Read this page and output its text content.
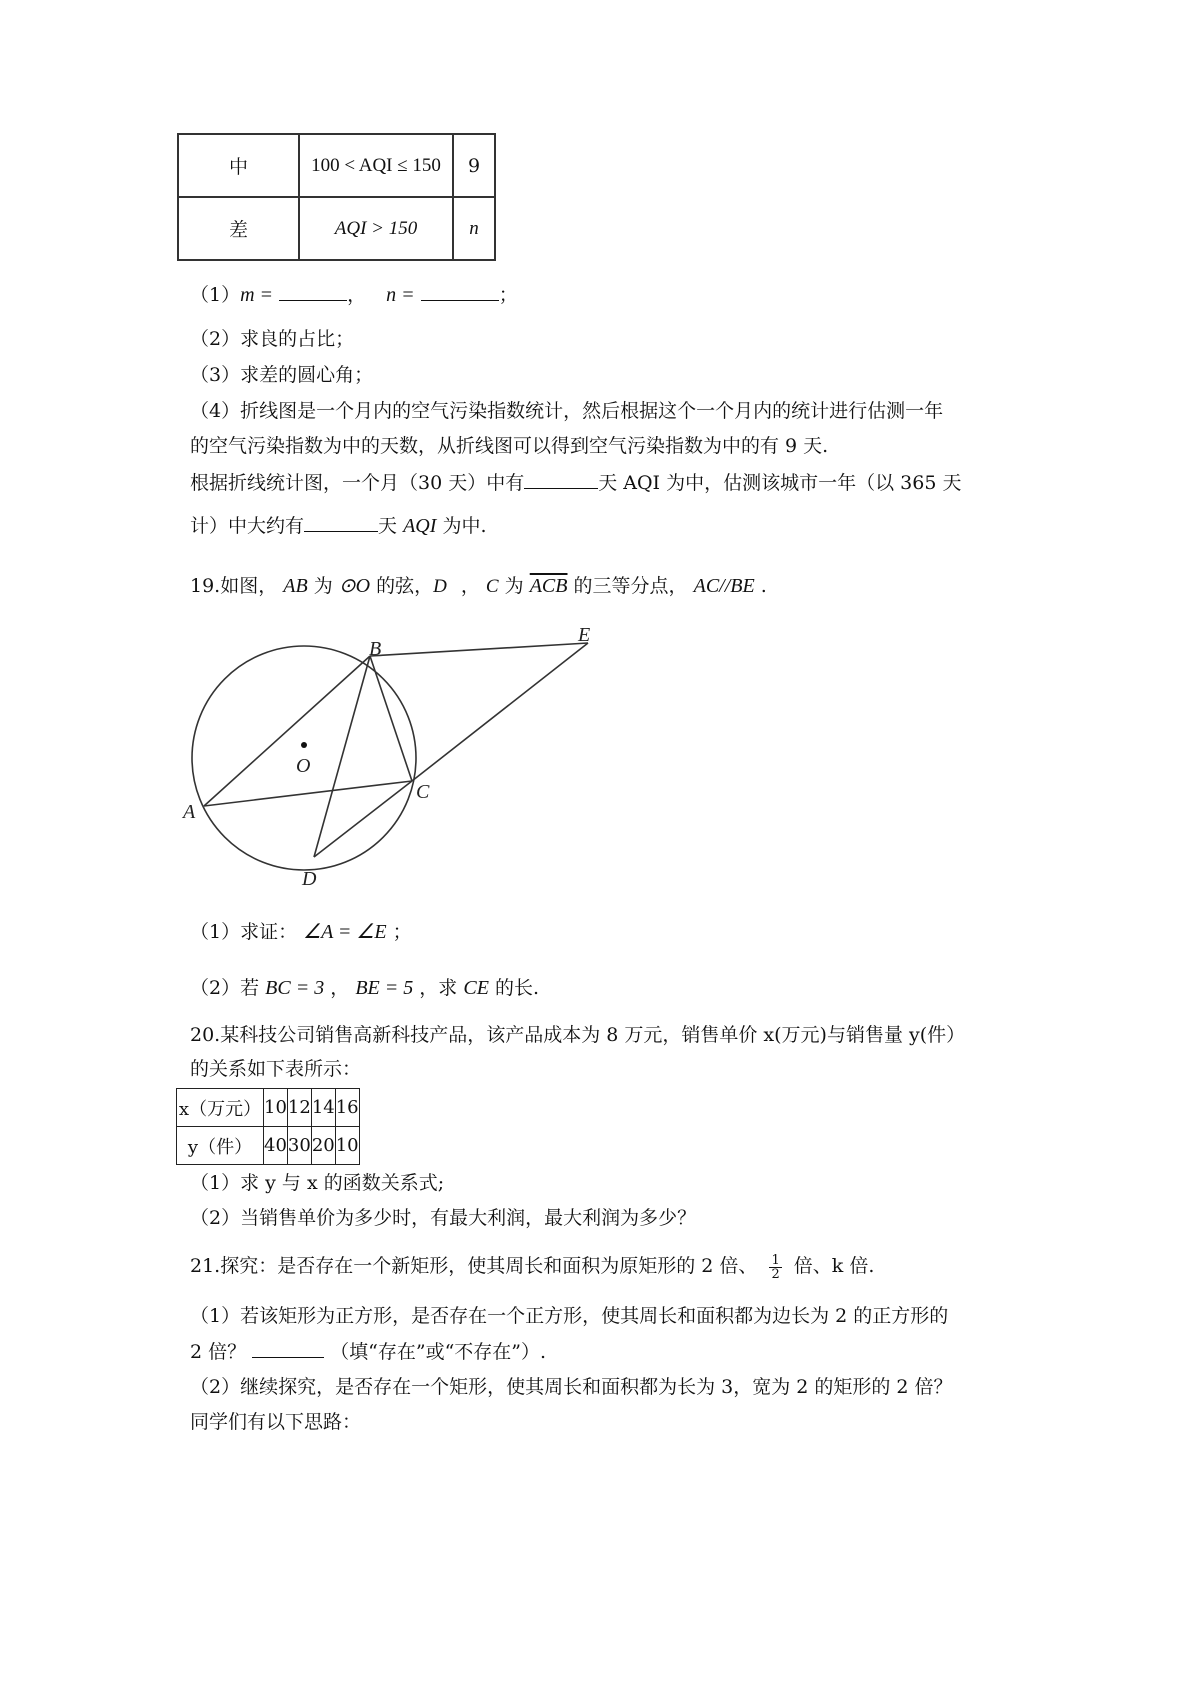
中	100 < AQI ≤ 150	9
差	AQI > 150	n
（1）m =	， n =	；
（2）求良的占比；
（3）求差的圆心角；
（4）折线图是一个月内的空气污染指数统计，然后根据这个一个月内的统计进行估测一年
的空气污染指数为中的天数，从折线图可以得到空气污染指数为中的有 9 天.
根据折线统计图，一个月（30 天）中有	天 AQI 为中，估测该城市一年（以 365 天
计）中大约有	天 AQI 为中.
19.如图， AB 为 ⊙O 的弦，D ， C 为 $\overline{ACB}$ 的三等分点， AC//BE .
O
A
B
C
D
E
（1）求证： ∠A = ∠E ；
（2）若 BC = 3 ， BE = 5 ，求 CE 的长.
20.某科技公司销售高新科技产品，该产品成本为 8 万元，销售单价 x(万元)与销售量 y(件）
的关系如下表所示：
x（万元）	10	12	14	16
y（件）	40	30	20	10
（1）求 y 与 x 的函数关系式;
（2）当销售单价为多少时，有最大利润，最大利润为多少？
21.探究：是否存在一个新矩形，使其周长和面积为原矩形的 2 倍、 $\frac{1}{2}$ 倍、k 倍.
（1）若该矩形为正方形，是否存在一个正方形，使其周长和面积都为边长为 2 的正方形的
2 倍？	（填“存在”或“不存在”）.
（2）继续探究，是否存在一个矩形，使其周长和面积都为长为 3，宽为 2 的矩形的 2 倍？
同学们有以下思路：
